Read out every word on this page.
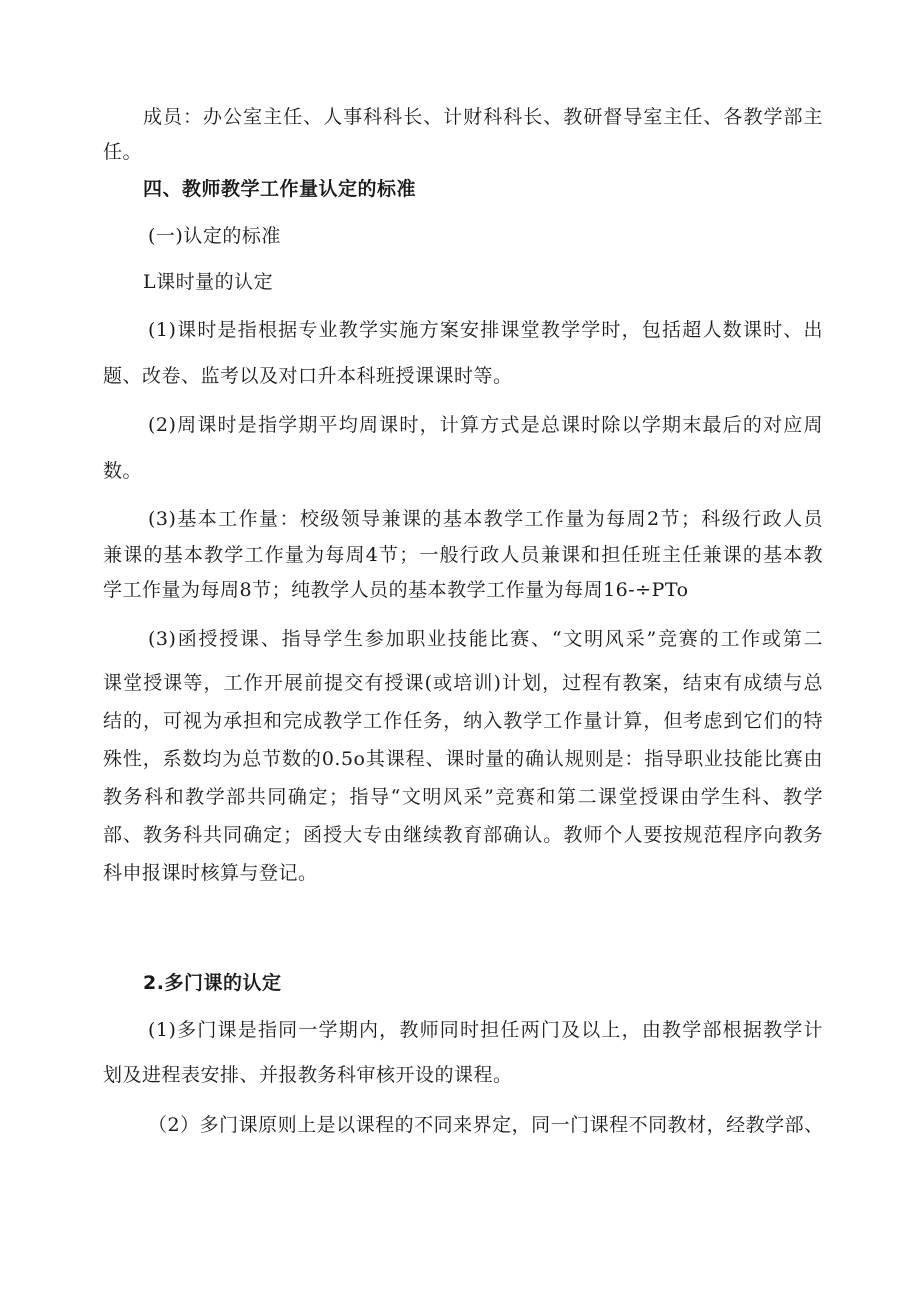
成员：办公室主任、人事科科长、计财科科长、教研督导室主任、各教学部主
任。
四、教师教学工作量认定的标准
(一)认定的标准
L课时量的认定
(1)课时是指根据专业教学实施方案安排课堂教学学时，包括超人数课时、出
题、改卷、监考以及对口升本科班授课课时等。
(2)周课时是指学期平均周课时，计算方式是总课时除以学期末最后的对应周
数。
(3)基本工作量：校级领导兼课的基本教学工作量为每周2节；科级行政人员
兼课的基本教学工作量为每周4节；一般行政人员兼课和担任班主任兼课的基本教
学工作量为每周8节；纯教学人员的基本教学工作量为每周16-÷PTo
(3)函授授课、指导学生参加职业技能比赛、“文明风采”竞赛的工作或第二
课堂授课等，工作开展前提交有授课(或培训)计划，过程有教案，结束有成绩与总
结的，可视为承担和完成教学工作任务，纳入教学工作量计算，但考虑到它们的特
殊性，系数均为总节数的0.5o其课程、课时量的确认规则是：指导职业技能比赛由
教务科和教学部共同确定；指导“文明风采”竞赛和第二课堂授课由学生科、教学
部、教务科共同确定；函授大专由继续教育部确认。教师个人要按规范程序向教务
科申报课时核算与登记。
2.多门课的认定
(1)多门课是指同一学期内，教师同时担任两门及以上，由教学部根据教学计
划及进程表安排、并报教务科审核开设的课程。
（2）多门课原则上是以课程的不同来界定，同一门课程不同教材，经教学部、
